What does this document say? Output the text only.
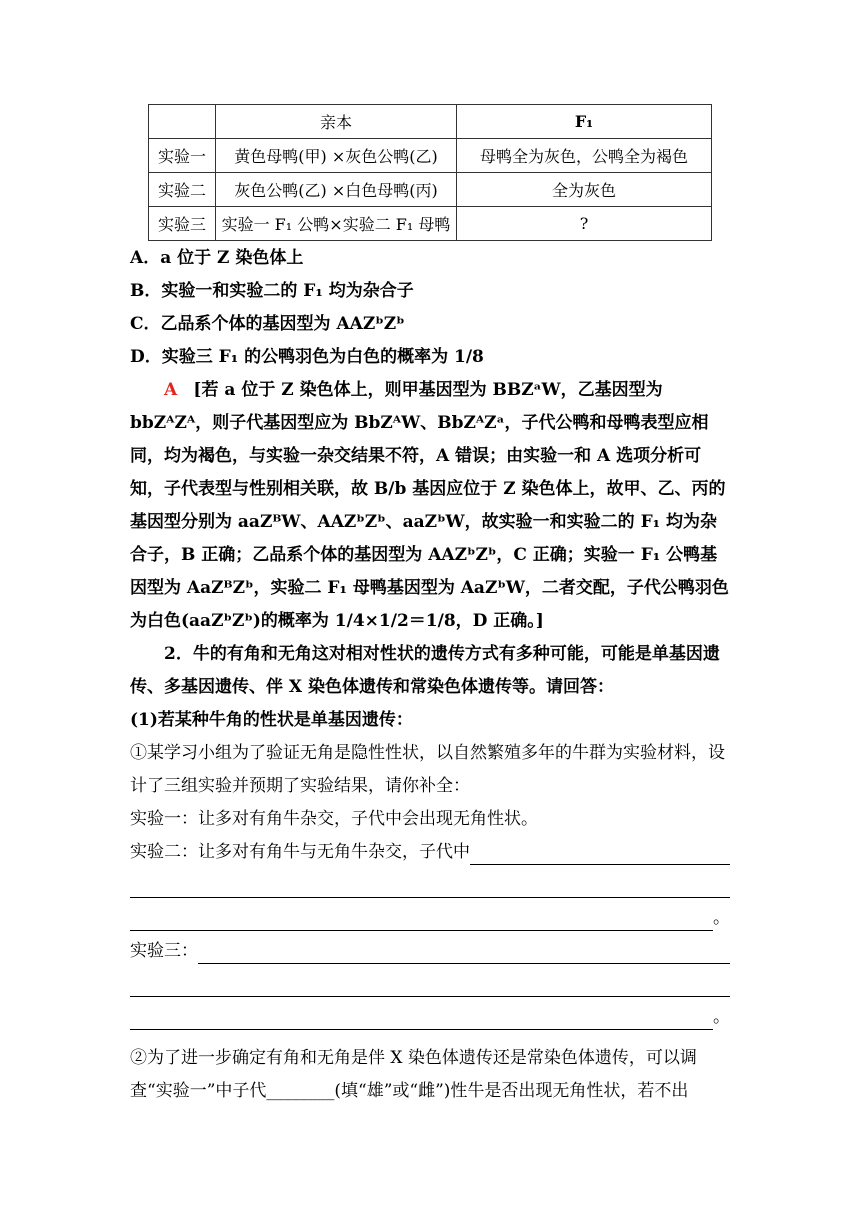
	亲本	F₁
实验一	黄色母鸭(甲) ×灰色公鸭(乙)	母鸭全为灰色，公鸭全为褐色
实验二	灰色公鸭(乙) ×白色母鸭(丙)	全为灰色
实验三	实验一 F₁ 公鸭×实验二 F₁ 母鸭	?

A．a 位于 Z 染色体上

B．实验一和实验二的 F₁ 均为杂合子

C．乙品系个体的基因型为 AAZᵇZᵇ

D．实验三 F₁ 的公鸭羽色为白色的概率为 1/8

A [若 a 位于 Z 染色体上，则甲基因型为 BBZᵃW，乙基因型为 bbZᴬZᴬ，则子代基因型应为 BbZᴬW、BbZᴬZᵃ，子代公鸭和母鸭表型应相同，均为褐色，与实验一杂交结果不符，A 错误；由实验一和 A 选项分析可知，子代表型与性别相关联，故 B/b 基因应位于 Z 染色体上，故甲、乙、丙的基因型分别为 aaZᴮW、AAZᵇZᵇ、aaZᵇW，故实验一和实验二的 F₁ 均为杂合子，B 正确；乙品系个体的基因型为 AAZᵇZᵇ，C 正确；实验一 F₁ 公鸭基因型为 AaZᴮZᵇ，实验二 F₁ 母鸭基因型为 AaZᵇW，二者交配，子代公鸭羽色为白色(aaZᵇZᵇ)的概率为 1/4×1/2＝1/8，D 正确。]

2．牛的有角和无角这对相对性状的遗传方式有多种可能，可能是单基因遗传、多基因遗传、伴 X 染色体遗传和常染色体遗传等。请回答：

(1)若某种牛角的性状是单基因遗传：

①某学习小组为了验证无角是隐性性状，以自然繁殖多年的牛群为实验材料，设计了三组实验并预期了实验结果，请你补全：

实验一：让多对有角牛杂交，子代中会出现无角性状。

实验二：让多对有角牛与无角牛杂交，子代中
。
实验三：
。

②为了进一步确定有角和无角是伴 X 染色体遗传还是常染色体遗传，可以调查“实验一”中子代________(填“雄”或“雌”)性牛是否出现无角性状，若不出
